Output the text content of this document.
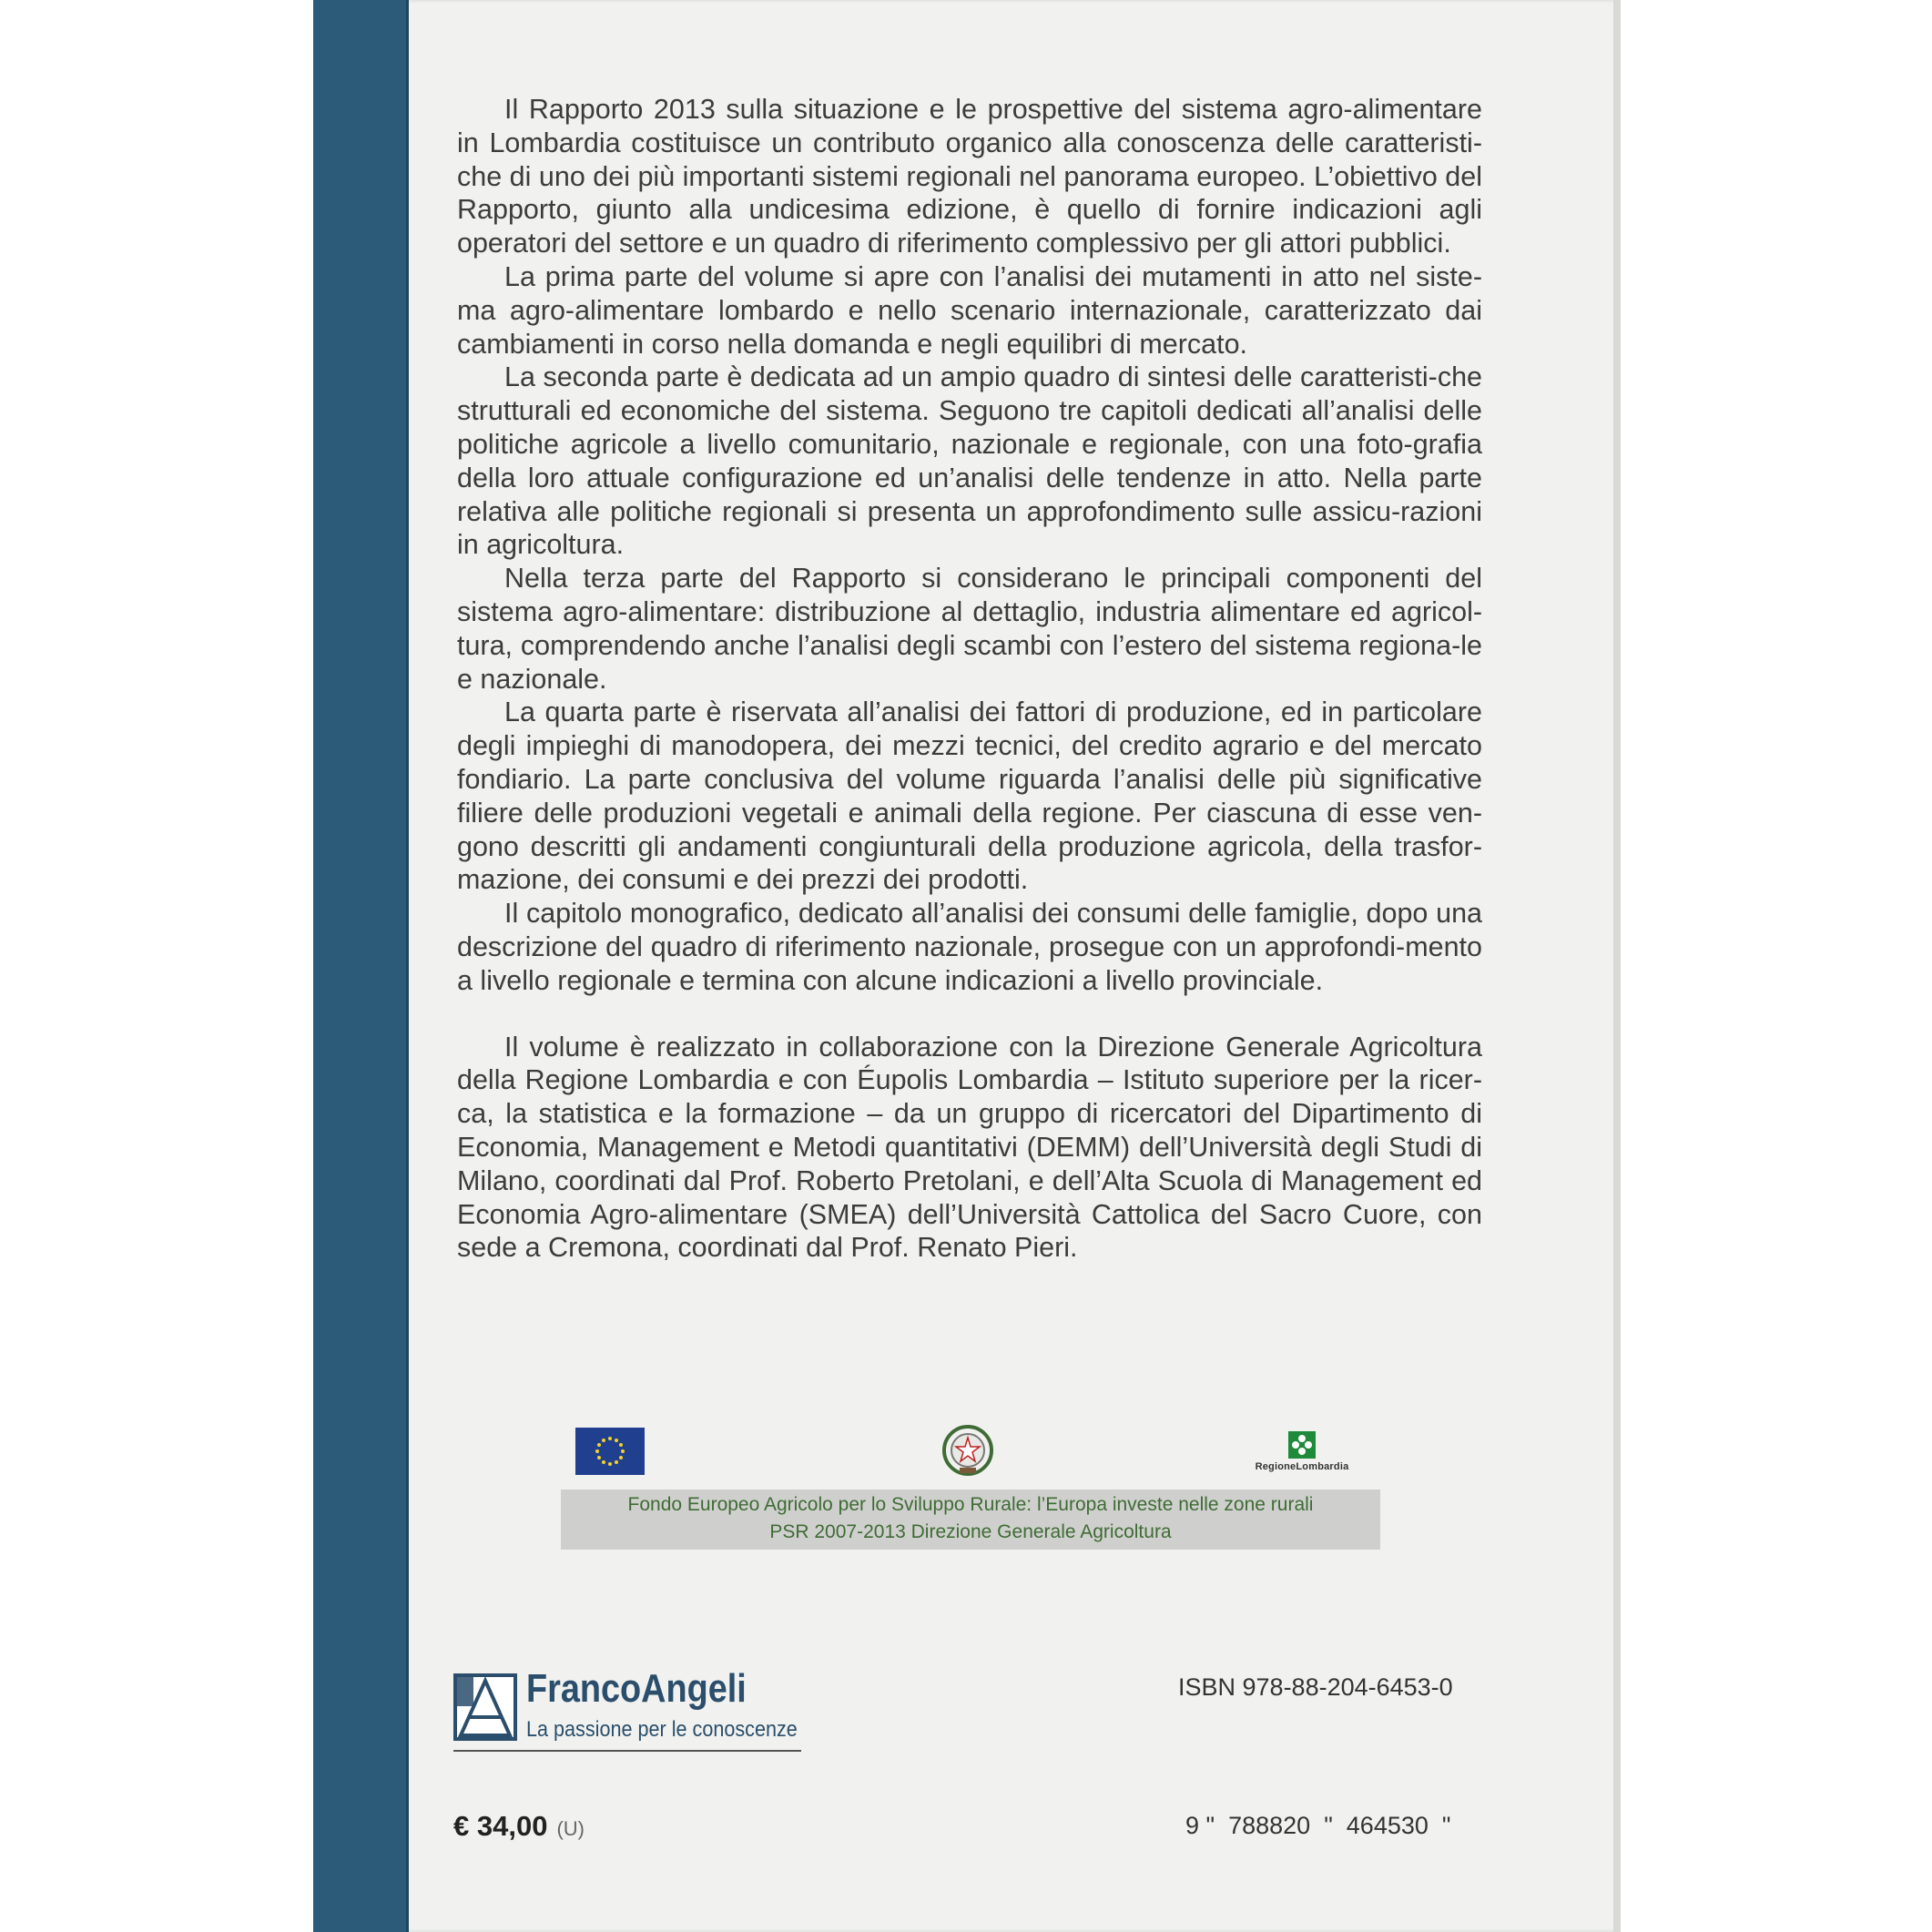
Il Rapporto 2013 sulla situazione e le prospettive del sistema agro-alimentare in Lombardia costituisce un contributo organico alla conoscenza delle caratteristi-che di uno dei più importanti sistemi regionali nel panorama europeo. L’obiettivo del Rapporto, giunto alla undicesima edizione, è quello di fornire indicazioni agli operatori del settore e un quadro di riferimento complessivo per gli attori pubblici.

La prima parte del volume si apre con l’analisi dei mutamenti in atto nel siste-ma agro-alimentare lombardo e nello scenario internazionale, caratterizzato dai cambiamenti in corso nella domanda e negli equilibri di mercato.

La seconda parte è dedicata ad un ampio quadro di sintesi delle caratteristi-che strutturali ed economiche del sistema. Seguono tre capitoli dedicati all’analisi delle politiche agricole a livello comunitario, nazionale e regionale, con una foto-grafia della loro attuale configurazione ed un’analisi delle tendenze in atto. Nella parte relativa alle politiche regionali si presenta un approfondimento sulle assicu-razioni in agricoltura.

Nella terza parte del Rapporto si considerano le principali componenti del sistema agro-alimentare: distribuzione al dettaglio, industria alimentare ed agricol-tura, comprendendo anche l’analisi degli scambi con l’estero del sistema regiona-le e nazionale.

La quarta parte è riservata all’analisi dei fattori di produzione, ed in particolare degli impieghi di manodopera, dei mezzi tecnici, del credito agrario e del mercato fondiario. La parte conclusiva del volume riguarda l’analisi delle più significative filiere delle produzioni vegetali e animali della regione. Per ciascuna di esse ven-gono descritti gli andamenti congiunturali della produzione agricola, della trasfor-mazione, dei consumi e dei prezzi dei prodotti.

Il capitolo monografico, dedicato all’analisi dei consumi delle famiglie, dopo una descrizione del quadro di riferimento nazionale, prosegue con un approfondi-mento a livello regionale e termina con alcune indicazioni a livello provinciale.

Il volume è realizzato in collaborazione con la Direzione Generale Agricoltura della Regione Lombardia e con Éupolis Lombardia – Istituto superiore per la ricer-ca, la statistica e la formazione – da un gruppo di ricercatori del Dipartimento di Economia, Management e Metodi quantitativi (DEMM) dell’Università degli Studi di Milano, coordinati dal Prof. Roberto Pretolani, e dell’Alta Scuola di Management ed Economia Agro-alimentare (SMEA) dell’Università Cattolica del Sacro Cuore, con sede a Cremona, coordinati dal Prof. Renato Pieri.

RegioneLombardia
Fondo Europeo Agricolo per lo Sviluppo Rurale: l’Europa investe nelle zone rurali
PSR 2007-2013 Direzione Generale Agricoltura
FrancoAngeli
La passione per le conoscenze
ISBN 978-88-204-6453-0
€ 34,00 (U)	9 "  788820  "  464530  "
